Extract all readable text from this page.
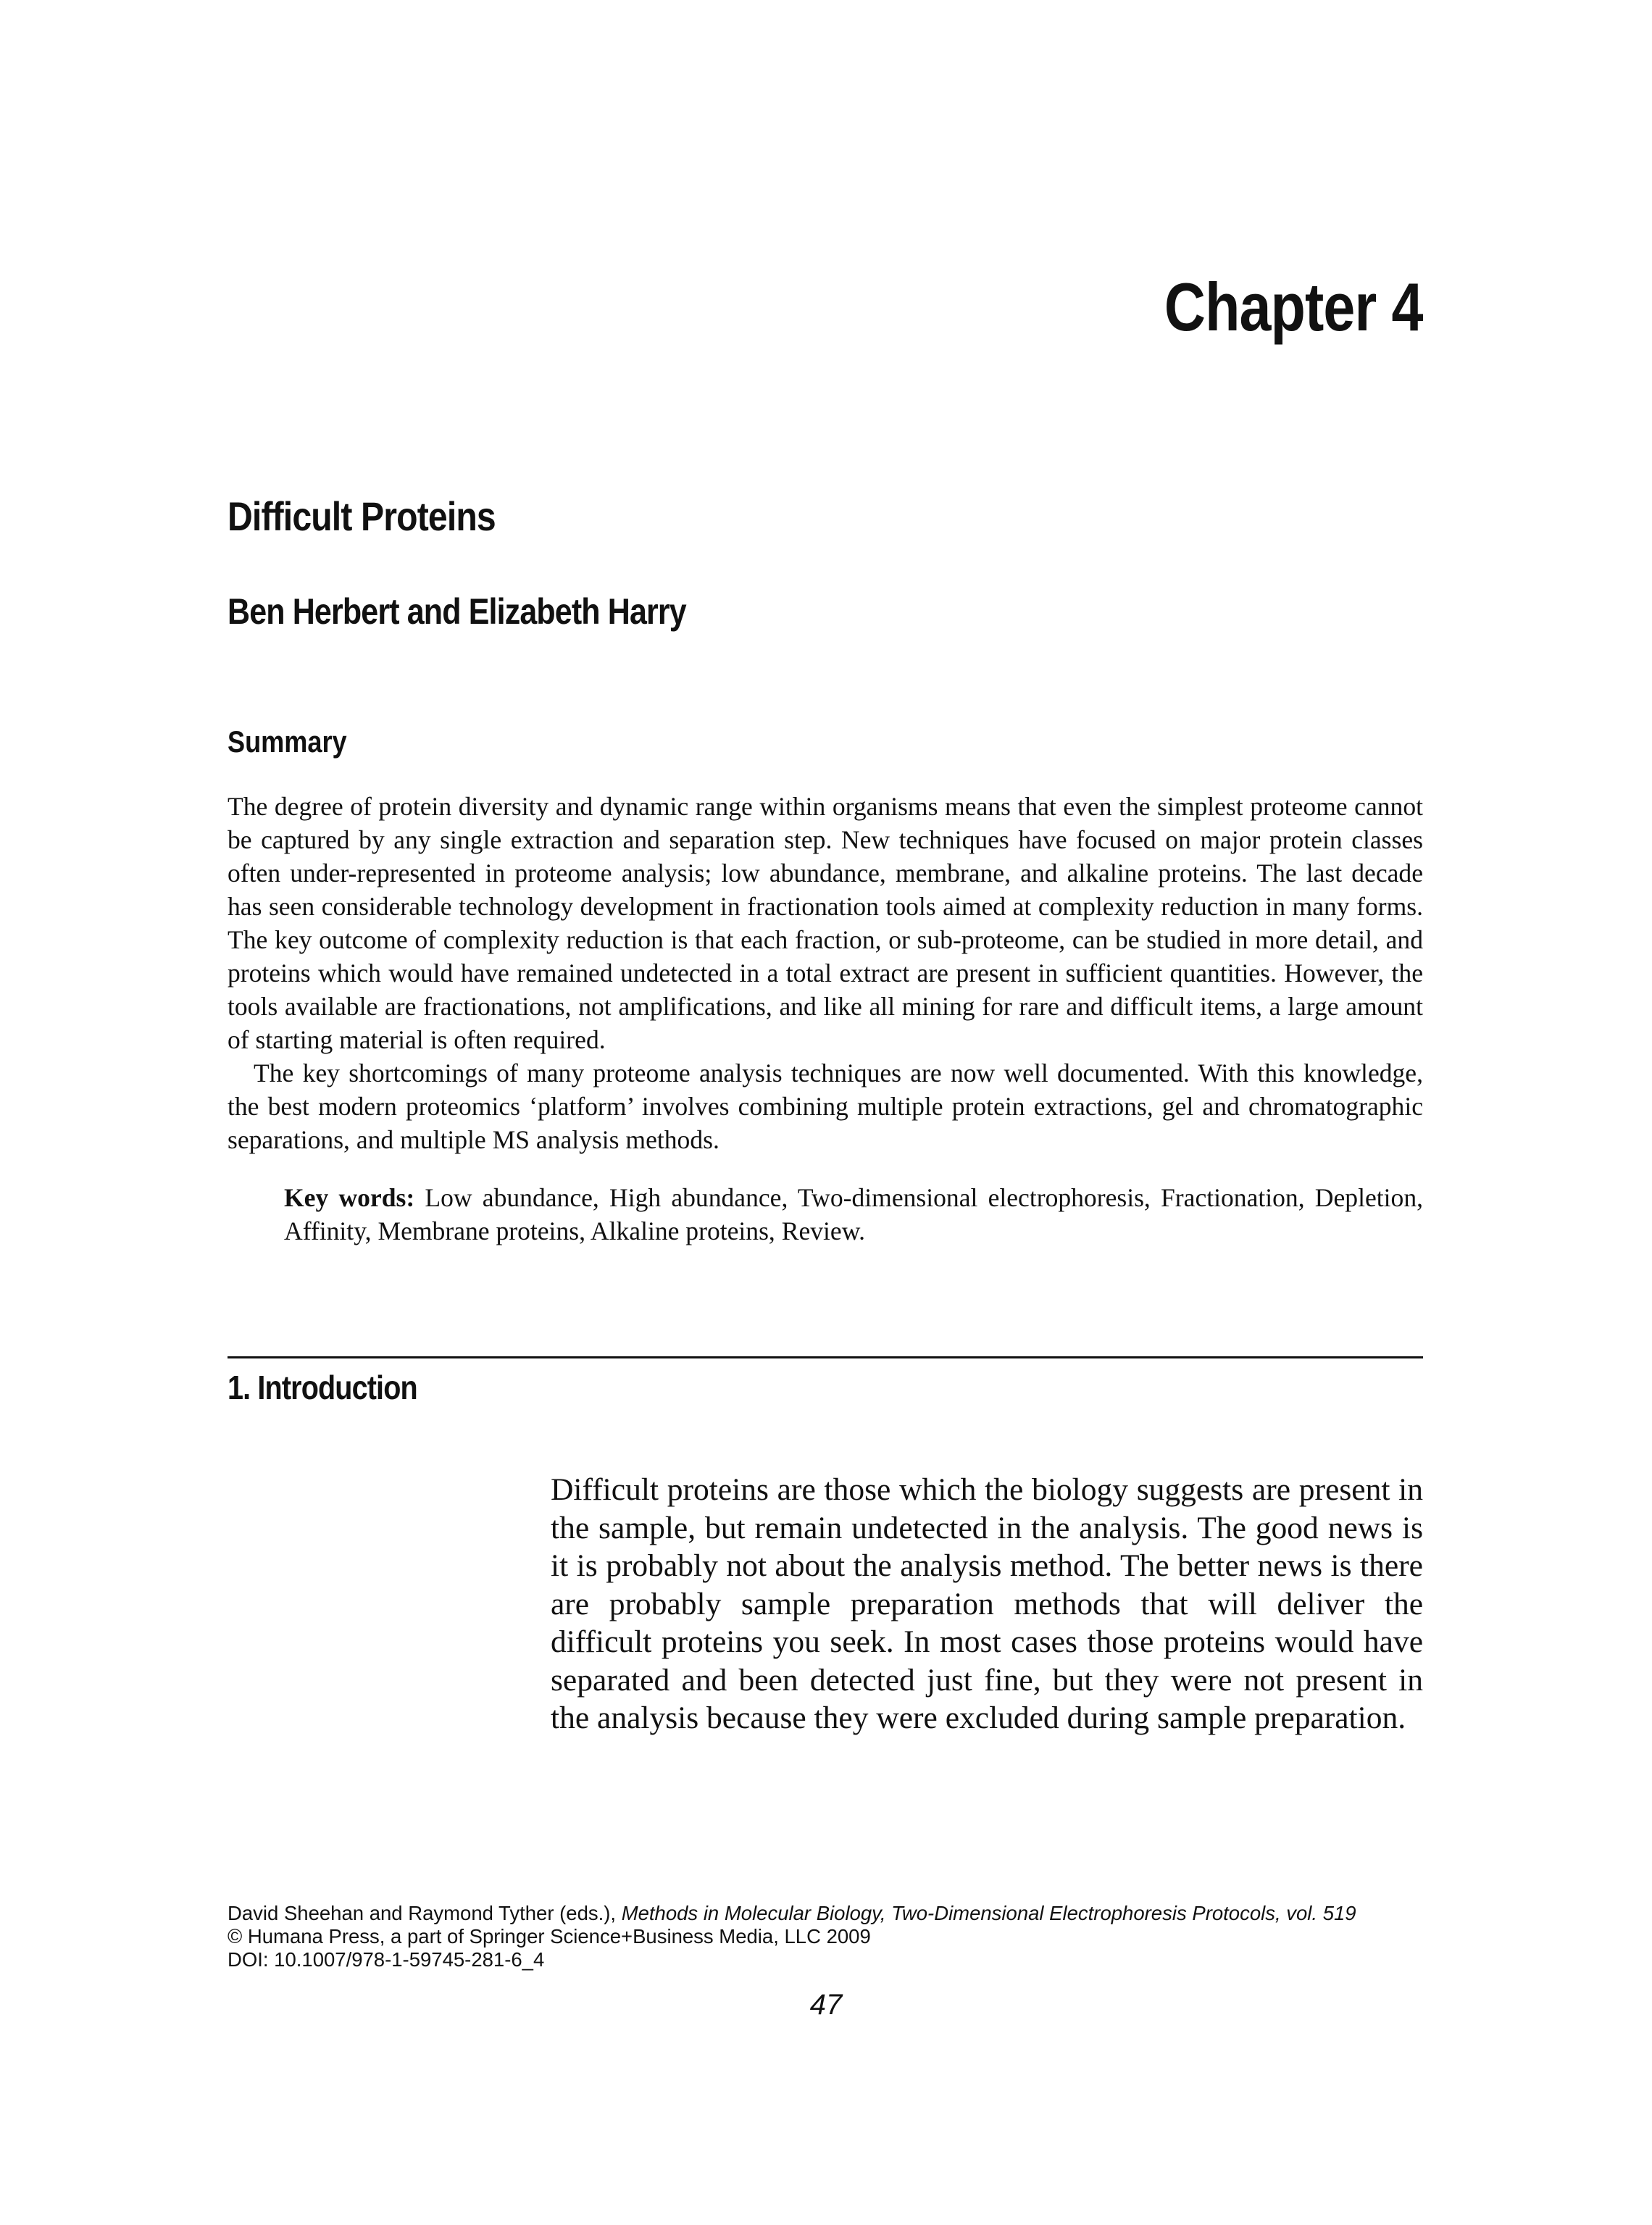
Chapter 4
Difficult Proteins
Ben Herbert and Elizabeth Harry
Summary

The degree of protein diversity and dynamic range within organisms means that even the simplest proteome cannot be captured by any single extraction and separation step. New techniques have focused on major protein classes often under-represented in proteome analysis; low abundance, membrane, and alkaline proteins. The last decade has seen considerable technology development in fractionation tools aimed at complexity reduction in many forms. The key outcome of complexity reduction is that each fraction, or sub-proteome, can be studied in more detail, and proteins which would have remained undetected in a total extract are present in sufficient quantities. However, the tools available are fractionations, not amplifications, and like all mining for rare and difficult items, a large amount of starting material is often required.

The key shortcomings of many proteome analysis techniques are now well documented. With this knowledge, the best modern proteomics ‘platform’ involves combining multiple protein extractions, gel and chromatographic separations, and multiple MS analysis methods.

Key words: Low abundance, High abundance, Two-dimensional electrophoresis, Fractionation, Depletion, Affinity, Membrane proteins, Alkaline proteins, Review.
1. Introduction

Difficult proteins are those which the biology suggests are present in the sample, but remain undetected in the analysis. The good news is it is probably not about the analysis method. The better news is there are probably sample preparation methods that will deliver the difficult proteins you seek. In most cases those proteins would have separated and been detected just fine, but they were not present in the analysis because they were excluded during sample preparation.

David Sheehan and Raymond Tyther (eds.), Methods in Molecular Biology, Two-Dimensional Electrophoresis Protocols, vol. 519
© Humana Press, a part of Springer Science+Business Media, LLC 2009
DOI: 10.1007/978-1-59745-281-6_4
47
